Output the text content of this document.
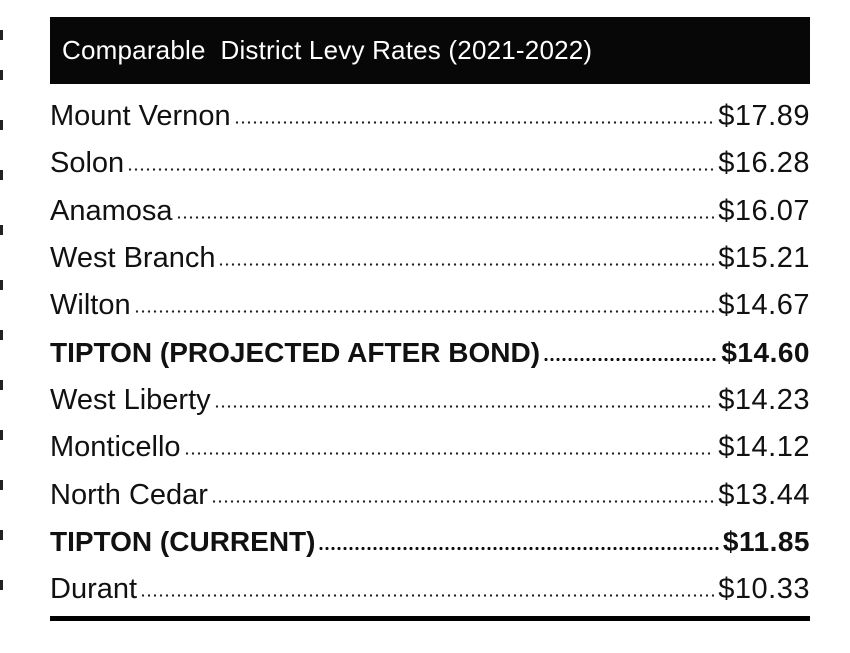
Comparable  District Levy Rates (2021-2022)
Mount Vernon	$17.89
Solon	$16.28
Anamosa	$16.07
West Branch	$15.21
Wilton	$14.67
TIPTON (PROJECTED AFTER BOND)	$14.60
West Liberty	$14.23
Monticello	$14.12
North Cedar	$13.44
TIPTON (CURRENT)	$11.85
Durant	$10.33
